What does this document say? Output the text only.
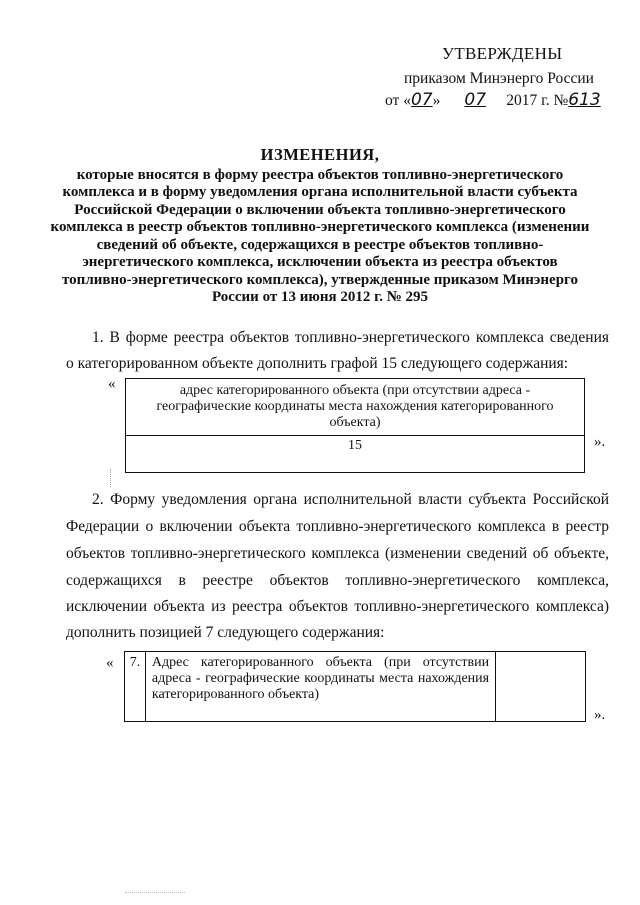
УТВЕРЖДЕНЫ
приказом Минэнерго России
от «07» 07 2017 г. №613
ИЗМЕНЕНИЯ,
которые вносятся в форму реестра объектов топливно-энергетического комплекса и в форму уведомления органа исполнительной власти субъекта Российской Федерации о включении объекта топливно-энергетического комплекса в реестр объектов топливно-энергетического комплекса (изменении сведений об объекте, содержащихся в реестре объектов топливно-энергетического комплекса, исключении объекта из реестра объектов топливно-энергетического комплекса), утвержденные приказом Минэнерго России от 13 июня 2012 г. № 295
1. В форме реестра объектов топливно-энергетического комплекса сведения
о категорированном объекте дополнить графой 15 следующего содержания:
«	адрес категорированного объекта (при отсутствии адреса - географические координаты места нахождения категорированного объекта)
15	».
2. Форму уведомления органа исполнительной власти субъекта Российской
Федерации о включении объекта топливно-энергетического комплекса в реестр
объектов топливно-энергетического комплекса (изменении сведений об объекте,
содержащихся в реестре объектов топливно-энергетического комплекса,
исключении объекта из реестра объектов топливно-энергетического комплекса)
дополнить позицией 7 следующего содержания:
« 7.	Адрес категорированного объекта (при отсутствии адреса - географические координаты места нахождения категорированного объекта)	
».
